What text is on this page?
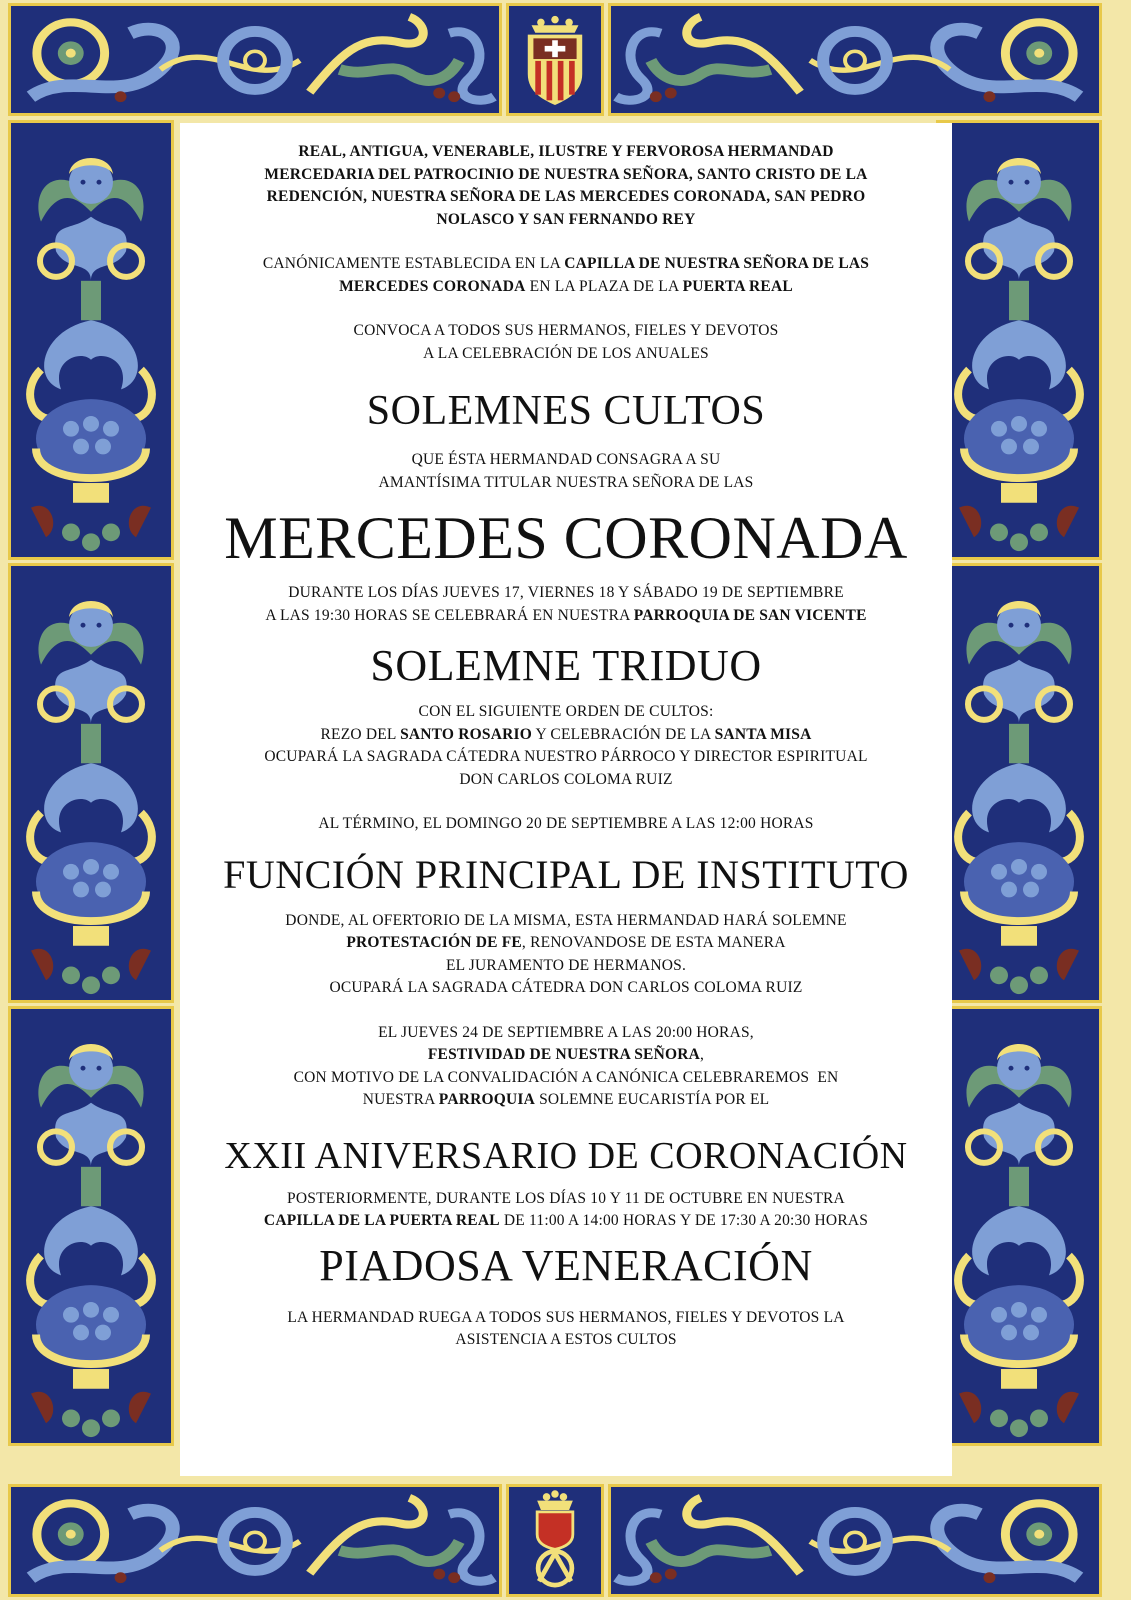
REAL, ANTIGUA, VENERABLE, ILUSTRE Y FERVOROSA HERMANDAD
MERCEDARIA DEL PATROCINIO DE NUESTRA SEÑORA, SANTO CRISTO DE LA
REDENCIÓN, NUESTRA SEÑORA DE LAS MERCEDES CORONADA, SAN PEDRO
NOLASCO Y SAN FERNANDO REY
CANÓNICAMENTE ESTABLECIDA EN LA CAPILLA DE NUESTRA SEÑORA DE LAS
MERCEDES CORONADA EN LA PLAZA DE LA PUERTA REAL
CONVOCA A TODOS SUS HERMANOS, FIELES Y DEVOTOS
A LA CELEBRACIÓN DE LOS ANUALES
SOLEMNES CULTOS
QUE ÉSTA HERMANDAD CONSAGRA A SU
AMANTÍSIMA TITULAR NUESTRA SEÑORA DE LAS
MERCEDES CORONADA
DURANTE LOS DÍAS JUEVES 17, VIERNES 18 Y SÁBADO 19 DE SEPTIEMBRE
A LAS 19:30 HORAS SE CELEBRARÁ EN NUESTRA PARROQUIA DE SAN VICENTE
SOLEMNE TRIDUO
CON EL SIGUIENTE ORDEN DE CULTOS:
REZO DEL SANTO ROSARIO Y CELEBRACIÓN DE LA SANTA MISA
OCUPARÁ LA SAGRADA CÁTEDRA NUESTRO PÁRROCO Y DIRECTOR ESPIRITUAL
DON CARLOS COLOMA RUIZ
AL TÉRMINO, EL DOMINGO 20 DE SEPTIEMBRE A LAS 12:00 HORAS
FUNCIÓN PRINCIPAL DE INSTITUTO
DONDE, AL OFERTORIO DE LA MISMA, ESTA HERMANDAD HARÁ SOLEMNE
PROTESTACIÓN DE FE, RENOVANDOSE DE ESTA MANERA
EL JURAMENTO DE HERMANOS.
OCUPARÁ LA SAGRADA CÁTEDRA DON CARLOS COLOMA RUIZ
EL JUEVES 24 DE SEPTIEMBRE A LAS 20:00 HORAS,
FESTIVIDAD DE NUESTRA SEÑORA,
CON MOTIVO DE LA CONVALIDACIÓN A CANÓNICA CELEBRAREMOS  EN
NUESTRA PARROQUIA SOLEMNE EUCARISTÍA POR EL
XXII ANIVERSARIO DE CORONACIÓN
POSTERIORMENTE, DURANTE LOS DÍAS 10 Y 11 DE OCTUBRE EN NUESTRA
CAPILLA DE LA PUERTA REAL DE 11:00 A 14:00 HORAS Y DE 17:30 A 20:30 HORAS
PIADOSA VENERACIÓN
LA HERMANDAD RUEGA A TODOS SUS HERMANOS, FIELES Y DEVOTOS LA
ASISTENCIA A ESTOS CULTOS
